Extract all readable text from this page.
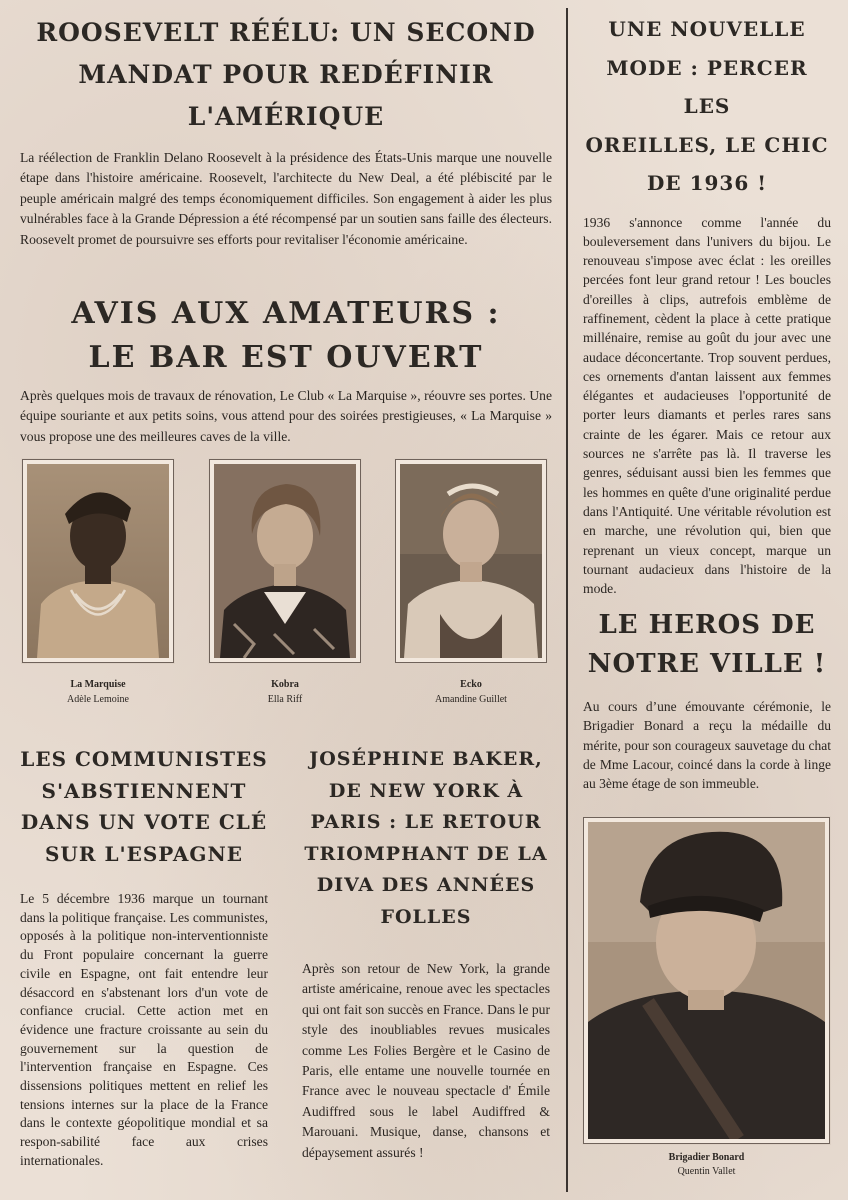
ROOSEVELT RÉÉLU: UN SECOND
MANDAT POUR REDÉFINIR
L'AMÉRIQUE
La réélection de Franklin Delano Roosevelt à la présidence des États-Unis marque une nouvelle étape dans l'histoire américaine. Roosevelt, l'architecte du New Deal, a été plébiscité par le peuple américain malgré des temps économiquement difficiles. Son engagement à aider les plus vulnérables face à la Grande Dépression a été récompensé par un soutien sans faille des électeurs. Roosevelt promet de poursuivre ses efforts pour revitaliser l'économie américaine.
AVIS AUX AMATEURS :
LE BAR EST OUVERT
Après quelques mois de travaux de rénovation, Le Club « La Marquise », réouvre ses portes. Une équipe souriante et aux petits soins, vous attend pour des soirées prestigieuses, « La Marquise » vous propose une des meilleures caves de la ville.
La Marquise
Adèle Lemoine
Kobra
Ella Riff
Ecko
Amandine Guillet
LES COMMUNISTES
S'ABSTIENNENT
DANS UN VOTE CLÉ
SUR L'ESPAGNE
Le 5 décembre 1936 marque un tournant dans la politique française. Les communistes, opposés à la politique non-interventionniste du Front populaire concernant la guerre civile en Espagne, ont fait entendre leur désaccord en s'abstenant lors d'un vote de confiance crucial. Cette action met en évidence une fracture croissante au sein du gouvernement sur la question de l'intervention française en Espagne. Ces dissensions politiques mettent en relief les tensions internes sur la place de la France dans le contexte géopolitique mondial et sa respon-sabilité face aux crises internationales.
JOSÉPHINE BAKER,
DE NEW YORK À
PARIS : LE RETOUR
TRIOMPHANT DE LA
DIVA DES ANNÉES
FOLLES
Après son retour de New York, la grande artiste américaine, renoue avec les spectacles qui ont fait son succès en France. Dans le pur style des inoubliables revues musicales comme Les Folies Bergère et le Casino de Paris, elle entame une nouvelle tournée en France avec le nouveau spectacle d' Émile Audiffred sous le label Audiffred & Marouani. Musique, danse, chansons et dépaysement assurés !
UNE NOUVELLE
MODE : PERCER LES
OREILLES, LE CHIC
DE 1936 !
1936 s'annonce comme l'année du bouleversement dans l'univers du bijou. Le renouveau s'impose avec éclat : les oreilles percées font leur grand retour ! Les boucles d'oreilles à clips, autrefois emblème de raffinement, cèdent la place à cette pratique millénaire, remise au goût du jour avec une audace déconcertante. Trop souvent perdues, ces ornements d'antan laissent aux femmes élégantes et audacieuses l'opportunité de porter leurs diamants et perles rares sans crainte de les égarer. Mais ce retour aux sources ne s'arrête pas là. Il traverse les genres, séduisant aussi bien les femmes que les hommes en quête d'une originalité perdue dans l'Antiquité. Une véritable révolution est en marche, une révolution qui, bien que reprenant un vieux concept, marque un tournant audacieux dans l'histoire de la mode.
LE HEROS DE
NOTRE VILLE !
Au cours d’une émouvante cérémonie, le Brigadier Bonard a reçu la médaille du mérite, pour son courageux sauvetage du chat de Mme Lacour, coincé dans la corde à linge au 3ème étage de son immeuble.
Brigadier Bonard
Quentin Vallet
